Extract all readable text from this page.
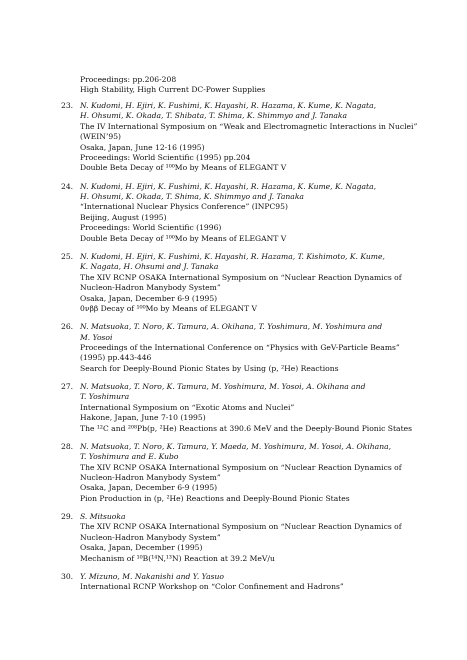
Proceedings: pp.206-208
High Stability, High Current DC-Power Supplies
23. N. Kudomi, H. Ejiri, K. Fushimi, K. Hayashi, R. Hazama, K. Kume, K. Nagata,
H. Ohsumi, K. Okada, T. Shibata, T. Shima, K. Shimmyo and J. Tanaka
The IV International Symposium on “Weak and Electromagnetic Interactions in Nuclei”
(WEIN’95)
Osaka, Japan, June 12-16 (1995)
Proceedings: World Scientific (1995) pp.204
Double Beta Decay of ¹⁰⁰Mo by Means of ELEGANT V
24. N. Kudomi, H. Ejiri, K. Fushimi, K. Hayashi, R. Hazama, K. Kume, K. Nagata,
H. Ohsumi, K. Okada, T. Shima, K. Shimmyo and J. Tanaka
“International Nuclear Physics Conference” (INPC95)
Beijing, August (1995)
Proceedings: World Scientific (1996)
Double Beta Decay of ¹⁰⁰Mo by Means of ELEGANT V
25. N. Kudomi, H. Ejiri, K. Fushimi, K. Hayashi, R. Hazama, T. Kishimoto, K. Kume,
K. Nagata, H. Ohsumi and J. Tanaka
The XIV RCNP OSAKA International Symposium on “Nuclear Reaction Dynamics of
Nucleon-Hadron Manybody System”
Osaka, Japan, December 6-9 (1995)
0νββ Decay of ¹⁰⁰Mo by Means of ELEGANT V
26. N. Matsuoka, T. Noro, K. Tamura, A. Okihana, T. Yoshimura, M. Yoshimura and
M. Yosoi
Proceedings of the International Conference on “Physics with GeV-Particle Beams”
(1995) pp.443-446
Search for Deeply-Bound Pionic States by Using (p, ²He) Reactions
27. N. Matsuoka, T. Noro, K. Tamura, M. Yoshimura, M. Yosoi, A. Okihana and
T. Yoshimura
International Symposium on “Exotic Atoms and Nuclei”
Hakone, Japan, June 7-10 (1995)
The ¹²C and ²⁰⁸Pb(p, ²He) Reactions at 390.6 MeV and the Deeply-Bound Pionic States
28. N. Matsuoka, T. Noro, K. Tamura, Y. Maeda, M. Yoshimura, M. Yosoi, A. Okihana,
T. Yoshimura and E. Kubo
The XIV RCNP OSAKA International Symposium on “Nuclear Reaction Dynamics of
Nucleon-Hadron Manybody System”
Osaka, Japan, December 6-9 (1995)
Pion Production in (p, ²He) Reactions and Deeply-Bound Pionic States
29. S. Mitsuoka
The XIV RCNP OSAKA International Symposium on “Nuclear Reaction Dynamics of
Nucleon-Hadron Manybody System”
Osaka, Japan, December (1995)
Mechanism of ¹⁰B(¹⁴N,¹³N) Reaction at 39.2 MeV/u
30. Y. Mizuno, M. Nakanishi and Y. Yasuo
International RCNP Workshop on “Color Confinement and Hadrons”
